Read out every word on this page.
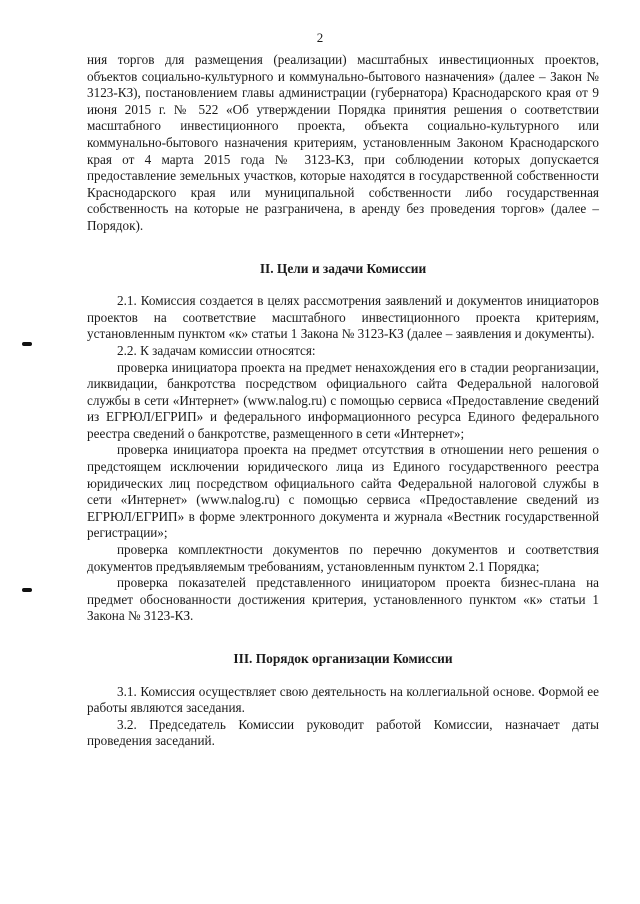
2

ния торгов для размещения (реализации) масштабных инвестиционных проектов, объектов социально-культурного и коммунально-бытового назначения» (далее – Закон № 3123-КЗ), постановлением главы администрации (губернатора) Краснодарского края от 9 июня 2015 г. № 522 «Об утверждении Порядка принятия решения о соответствии масштабного инвестиционного проекта, объекта социально-культурного или коммунально-бытового назначения критериям, установленным Законом Краснодарского края от 4 марта 2015 года № 3123-КЗ, при соблюдении которых допускается предоставление земельных участков, которые находятся в государственной собственности Краснодарского края или муниципальной собственности либо государственная собственность на которые не разграничена, в аренду без проведения торгов» (далее – Порядок).

II. Цели и задачи Комиссии

2.1. Комиссия создается в целях рассмотрения заявлений и документов инициаторов проектов на соответствие масштабного инвестиционного проекта критериям, установленным пунктом «к» статьи 1 Закона № 3123-КЗ (далее – заявления и документы).

2.2. К задачам комиссии относятся:

проверка инициатора проекта на предмет ненахождения его в стадии реорганизации, ликвидации, банкротства посредством официального сайта Федеральной налоговой службы в сети «Интернет» (www.nalog.ru) с помощью сервиса «Предоставление сведений из ЕГРЮЛ/ЕГРИП» и федерального информационного ресурса Единого федерального реестра сведений о банкротстве, размещенного в сети «Интернет»;

проверка инициатора проекта на предмет отсутствия в отношении него решения о предстоящем исключении юридического лица из Единого государственного реестра юридических лиц посредством официального сайта Федеральной налоговой службы в сети «Интернет» (www.nalog.ru) с помощью сервиса «Предоставление сведений из ЕГРЮЛ/ЕГРИП» в форме электронного документа и журнала «Вестник государственной регистрации»;

проверка комплектности документов по перечню документов и соответствия документов предъявляемым требованиям, установленным пунктом 2.1 Порядка;

проверка показателей представленного инициатором проекта бизнес-плана на предмет обоснованности достижения критерия, установленного пунктом «к» статьи 1 Закона № 3123-КЗ.

III. Порядок организации Комиссии

3.1. Комиссия осуществляет свою деятельность на коллегиальной основе. Формой ее работы являются заседания.

3.2. Председатель Комиссии руководит работой Комиссии, назначает даты проведения заседаний.
